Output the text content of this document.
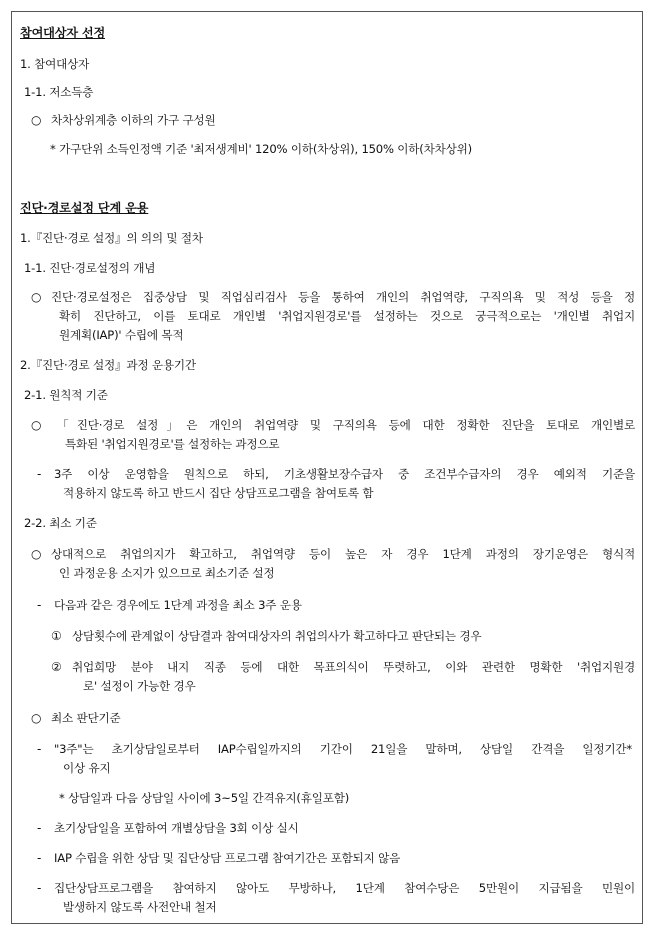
참여대상자 선정
1. 참여대상자
1-1. 저소득층
○ 차차상위계층 이하의 가구 구성원
* 가구단위 소득인정액 기준 '최저생계비' 120% 이하(차상위), 150% 이하(차차상위)
진단·경로설정 단계 운용
1.『진단·경로 설정』의 의의 및 절차
1-1. 진단·경로설정의 개념
○ 진단·경로설정은 집중상담 및 직업심리검사 등을 통하여 개인의 취업역량, 구직의욕 및 적성 등을 정
확히 진단하고, 이를 토대로 개인별 '취업지원경로'를 설정하는 것으로 궁극적으로는 '개인별 취업지
원계획(IAP)' 수립에 목적
2.『진단·경로 설정』과정 운용기간
2-1. 원칙적 기준
○ 「진단·경로 설정」은 개인의 취업역량 및 구직의욕 등에 대한 정확한 진단을 토대로 개인별로
특화된 '취업지원경로'를 설정하는 과정으로
- 3주 이상 운영함을 원칙으로 하되, 기초생활보장수급자 중 조건부수급자의 경우 예외적 기준을
적용하지 않도록 하고 반드시 집단 상담프로그램을 참여토록 함
2-2. 최소 기준
○ 상대적으로 취업의지가 확고하고, 취업역량 등이 높은 자 경우 1단계 과정의 장기운영은 형식적
인 과정운용 소지가 있으므로 최소기준 설정
- 다음과 같은 경우에도 1단계 과정을 최소 3주 운용
① 상담횟수에 관계없이 상담결과 참여대상자의 취업의사가 확고하다고 판단되는 경우
② 취업희망 분야 내지 직종 등에 대한 목표의식이 뚜렷하고, 이와 관련한 명확한 '취업지원경
로' 설정이 가능한 경우
○ 최소 판단기준
- "3주"는 초기상담일로부터 IAP수립일까지의 기간이 21일을 말하며, 상담일 간격을 일정기간*
이상 유지
* 상담일과 다음 상담일 사이에 3~5일 간격유지(휴일포함)
- 초기상담일을 포함하여 개별상담을 3회 이상 실시
- IAP 수립을 위한 상담 및 집단상담 프로그램 참여기간은 포함되지 않음
- 집단상담프로그램을 참여하지 않아도 무방하나, 1단계 참여수당은 5만원이 지급됨을 민원이
발생하지 않도록 사전안내 철저
